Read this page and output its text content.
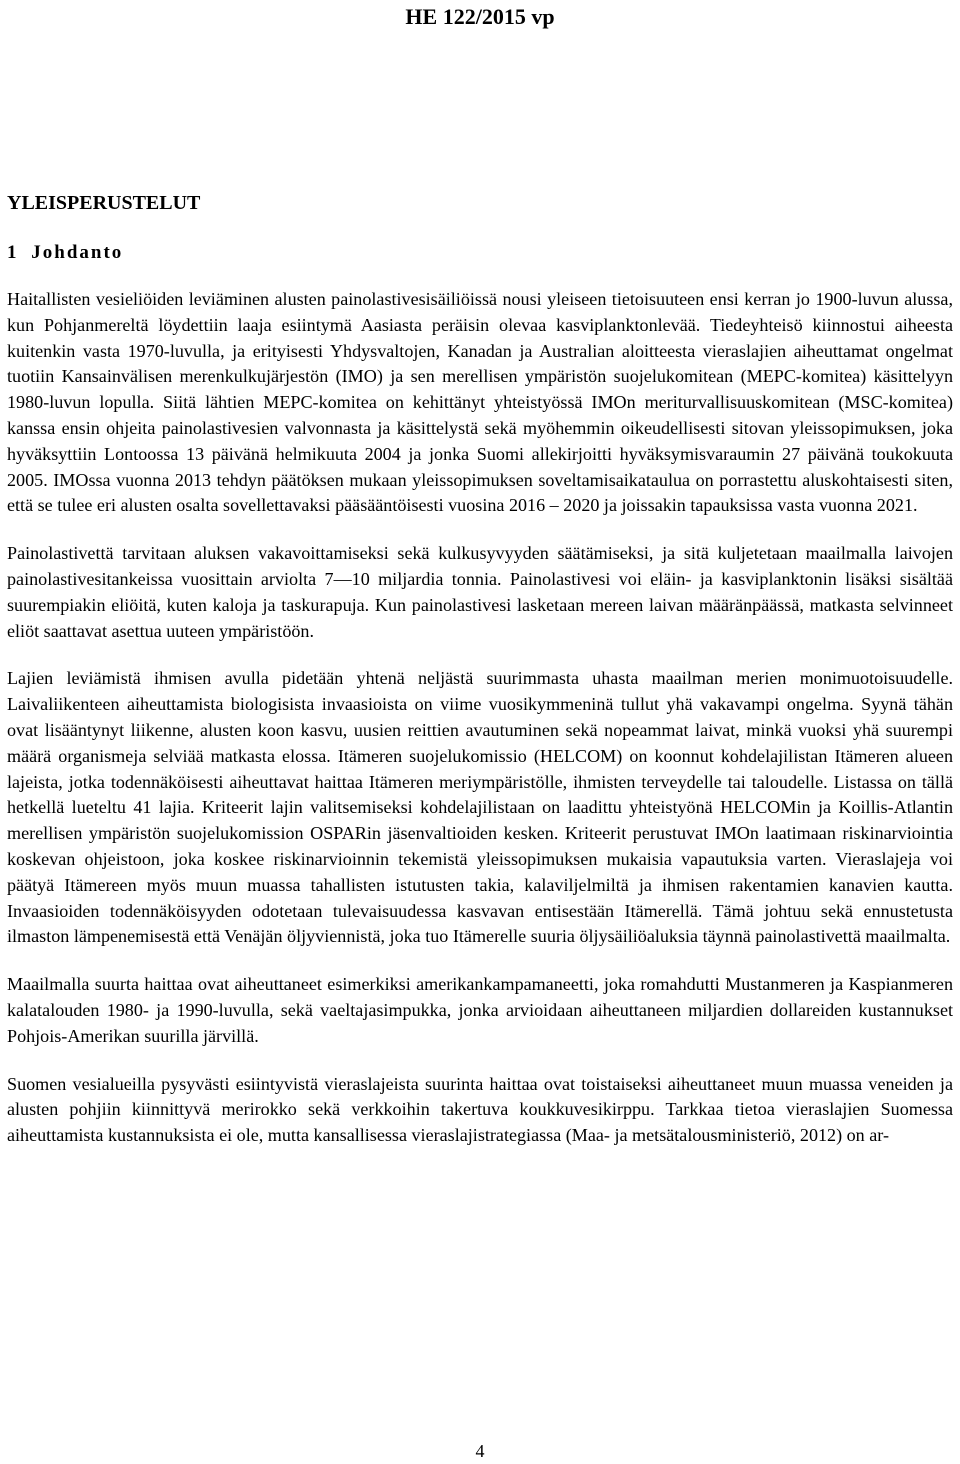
HE 122/2015 vp
YLEISPERUSTELUT
1 Johdanto

Haitallisten vesieliöiden leviäminen alusten painolastivesisäiliöissä nousi yleiseen tietoisuuteen ensi kerran jo 1900-luvun alussa, kun Pohjanmereltä löydettiin laaja esiintymä Aasiasta peräisin olevaa kasviplanktonlevää. Tiedeyhteisö kiinnostui aiheesta kuitenkin vasta 1970-luvulla, ja erityisesti Yhdysvaltojen, Kanadan ja Australian aloitteesta vieraslajien aiheuttamat ongelmat tuotiin Kansainvälisen merenkulkujärjestön (IMO) ja sen merellisen ympäristön suojelukomitean (MEPC-komitea) käsittelyyn 1980-luvun lopulla. Siitä lähtien MEPC-komitea on kehittänyt yhteistyössä IMOn meriturvallisuuskomitean (MSC-komitea) kanssa ensin ohjeita painolastivesien valvonnasta ja käsittelystä sekä myöhemmin oikeudellisesti sitovan yleissopimuksen, joka hyväksyttiin Lontoossa 13 päivänä helmikuuta 2004 ja jonka Suomi allekirjoitti hyväksymisvaraumin 27 päivänä toukokuuta 2005. IMOssa vuonna 2013 tehdyn päätöksen mukaan yleissopimuksen soveltamisaikataulua on porrastettu aluskohtaisesti siten, että se tulee eri alusten osalta sovellettavaksi pääsääntöisesti vuosina 2016 – 2020 ja joissakin tapauksissa vasta vuonna 2021.

Painolastivettä tarvitaan aluksen vakavoittamiseksi sekä kulkusyvyyden säätämiseksi, ja sitä kuljetetaan maailmalla laivojen painolastivesitankeissa vuosittain arviolta 7—10 miljardia tonnia. Painolastivesi voi eläin- ja kasviplanktonin lisäksi sisältää suurempiakin eliöitä, kuten kaloja ja taskurapuja. Kun painolastivesi lasketaan mereen laivan määränpäässä, matkasta selvinneet eliöt saattavat asettua uuteen ympäristöön.

Lajien leviämistä ihmisen avulla pidetään yhtenä neljästä suurimmasta uhasta maailman merien monimuotoisuudelle. Laivaliikenteen aiheuttamista biologisista invaasioista on viime vuosikymmeninä tullut yhä vakavampi ongelma. Syynä tähän ovat lisääntynyt liikenne, alusten koon kasvu, uusien reittien avautuminen sekä nopeammat laivat, minkä vuoksi yhä suurempi määrä organismeja selviää matkasta elossa. Itämeren suojelukomissio (HELCOM) on koonnut kohdelajilistan Itämeren alueen lajeista, jotka todennäköisesti aiheuttavat haittaa Itämeren meriympäristölle, ihmisten terveydelle tai taloudelle. Listassa on tällä hetkellä lueteltu 41 lajia. Kriteerit lajin valitsemiseksi kohdelajilistaan on laadittu yhteistyönä HELCOMin ja Koillis-Atlantin merellisen ympäristön suojelukomission OSPARin jäsenvaltioiden kesken. Kriteerit perustuvat IMOn laatimaan riskinarviointia koskevan ohjeistoon, joka koskee riskinarvioinnin tekemistä yleissopimuksen mukaisia vapautuksia varten. Vieraslajeja voi päätyä Itämereen myös muun muassa tahallisten istutusten takia, kalaviljelmiltä ja ihmisen rakentamien kanavien kautta. Invaasioiden todennäköisyyden odotetaan tulevaisuudessa kasvavan entisestään Itämerellä. Tämä johtuu sekä ennustetusta ilmaston lämpenemisestä että Venäjän öljyviennistä, joka tuo Itämerelle suuria öljysäiliöaluksia täynnä painolastivettä maailmalta.

Maailmalla suurta haittaa ovat aiheuttaneet esimerkiksi amerikankampamaneetti, joka romahdutti Mustanmeren ja Kaspianmeren kalatalouden 1980- ja 1990-luvulla, sekä vaeltajasimpukka, jonka arvioidaan aiheuttaneen miljardien dollareiden kustannukset Pohjois-Amerikan suurilla järvillä.

Suomen vesialueilla pysyvästi esiintyvistä vieraslajeista suurinta haittaa ovat toistaiseksi aiheuttaneet muun muassa veneiden ja alusten pohjiin kiinnittyvä merirokko sekä verkkoihin takertuva koukkuvesikirppu. Tarkkaa tietoa vieraslajien Suomessa aiheuttamista kustannuksista ei ole, mutta kansallisessa vieraslajistrategiassa (Maa- ja metsätalousministeriö, 2012) on ar-

4
